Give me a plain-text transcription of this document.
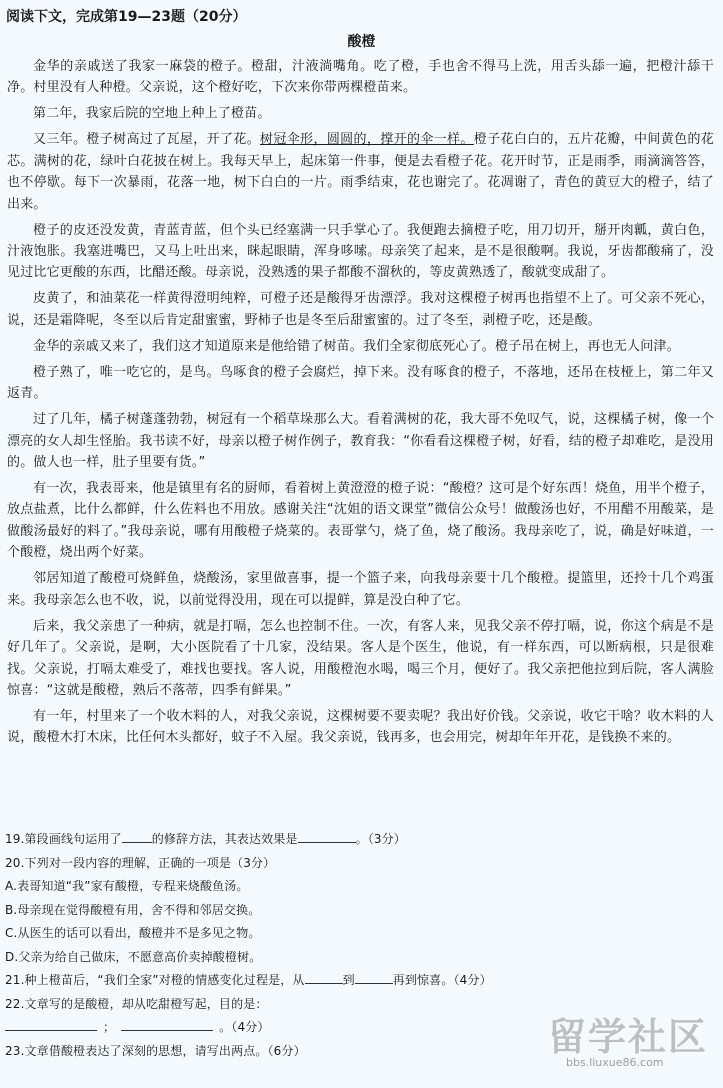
阅读下文，完成第19—23题（20分）
酸橙

金华的亲戚送了我家一麻袋的橙子。橙甜，汁液淌嘴角。吃了橙，手也舍不得马上洗，用舌头舔一遍，把橙汁舔干净。村里没有人种橙。父亲说，这个橙好吃，下次来你带两棵橙苗来。

第二年，我家后院的空地上种上了橙苗。

又三年。橙子树高过了瓦屋，开了花。树冠伞形，圆圆的，撑开的伞一样。橙子花白白的，五片花瓣，中间黄色的花芯。满树的花，绿叶白花披在树上。我每天早上，起床第一件事，便是去看橙子花。花开时节，正是雨季，雨滴滴答答，也不停歇。每下一次暴雨，花落一地，树下白白的一片。雨季结束，花也谢完了。花凋谢了，青色的黄豆大的橙子，结了出来。

橙子的皮还没发黄，青蓝青蓝，但个头已经塞满一只手掌心了。我便跑去摘橙子吃，用刀切开，掰开肉瓤，黄白色，汁液饱胀。我塞进嘴巴，又马上吐出来，眯起眼睛，浑身哆嗦。母亲笑了起来，是不是很酸啊。我说，牙齿都酸痛了，没见过比它更酸的东西，比醋还酸。母亲说，没熟透的果子都酸不溜秋的，等皮黄熟透了，酸就变成甜了。

皮黄了，和油菜花一样黄得澄明纯粹，可橙子还是酸得牙齿漂浮。我对这棵橙子树再也指望不上了。可父亲不死心，说，还是霜降呢，冬至以后肯定甜蜜蜜，野柿子也是冬至后甜蜜蜜的。过了冬至，剥橙子吃，还是酸。

金华的亲戚又来了，我们这才知道原来是他给错了树苗。我们全家彻底死心了。橙子吊在树上，再也无人问津。

橙子熟了，唯一吃它的，是鸟。鸟啄食的橙子会腐烂，掉下来。没有啄食的橙子，不落地，还吊在枝桠上，第二年又返青。

过了几年，橘子树蓬蓬勃勃，树冠有一个稻草垛那么大。看着满树的花，我大哥不免叹气，说，这棵橘子树，像一个漂亮的女人却生怪胎。我书读不好，母亲以橙子树作例子，教育我：“你看看这棵橙子树，好看，结的橙子却难吃，是没用的。做人也一样，肚子里要有货。”

有一次，我表哥来，他是镇里有名的厨师，看着树上黄澄澄的橙子说：“酸橙？这可是个好东西！烧鱼，用半个橙子，放点盐煮，比什么都鲜，什么佐料也不用放。感谢关注“沈姐的语文课堂”微信公众号！做酸汤也好，不用醋不用酸菜，是做酸汤最好的料了。”我母亲说，哪有用酸橙子烧菜的。表哥掌勺，烧了鱼，烧了酸汤。我母亲吃了，说，确是好味道，一个酸橙，烧出两个好菜。

邻居知道了酸橙可烧鲜鱼，烧酸汤，家里做喜事，提一个篮子来，向我母亲要十几个酸橙。提篮里，还拎十几个鸡蛋来。我母亲怎么也不收，说，以前觉得没用，现在可以提鲜，算是没白种了它。

后来，我父亲患了一种病，就是打嗝，怎么也控制不住。一次，有客人来，见我父亲不停打嗝，说，你这个病是不是好几年了。父亲说，是啊，大小医院看了十几家，没结果。客人是个医生，他说，有一样东西，可以断病根，只是很难找。父亲说，打嗝太难受了，难找也要找。客人说，用酸橙泡水喝，喝三个月，便好了。我父亲把他拉到后院，客人满脸惊喜：“这就是酸橙，熟后不落蒂，四季有鲜果。”

有一年，村里来了一个收木料的人，对我父亲说，这棵树要不要卖呢？我出好价钱。父亲说，收它干啥？收木料的人说，酸橙木打木床，比任何木头都好，蚊子不入屋。我父亲说，钱再多，也会用完，树却年年开花，是钱换不来的。

19.第段画线句运用了	的修辞方法，其表达效果是	。（3分）
20.下列对一段内容的理解，正确的一项是（3分）
A.表哥知道“我”家有酸橙，专程来烧酸鱼汤。
B.母亲现在觉得酸橙有用，舍不得和邻居交换。
C.从医生的话可以看出，酸橙并不是多见之物。
D.父亲为给自己做床，不愿意高价卖掉酸橙树。
21.种上橙苗后，“我们全家”对橙的情感变化过程是，从	到	再到惊喜。（4分）
22.文章写的是酸橙，却从吃甜橙写起，目的是：
；	。（4分）
23.文章借酸橙表达了深刻的思想，请写出两点。（6分）	留学社区
bbs.liuxue86.com
